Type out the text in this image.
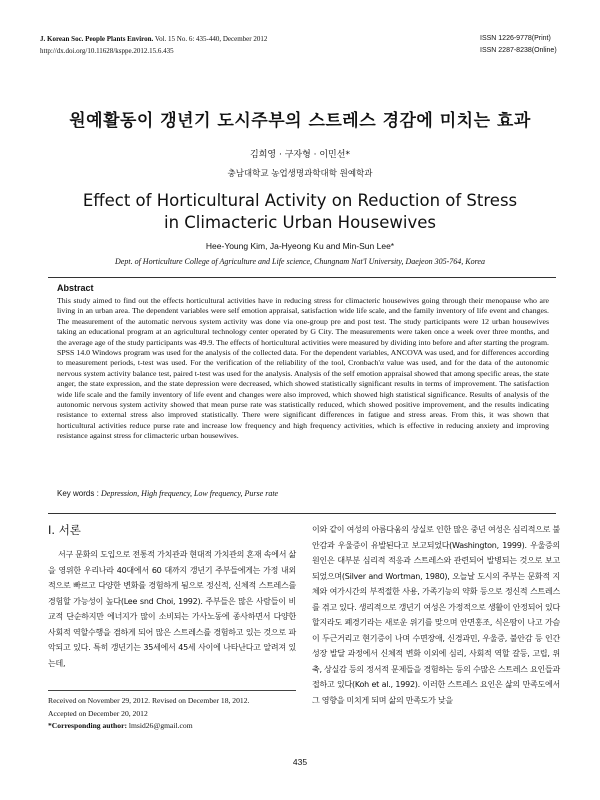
J. Korean Soc. People Plants Environ. Vol. 15 No. 6: 435-440, December 2012
http://dx.doi.org/10.11628/ksppe.2012.15.6.435
ISSN 1226-9778(Print)
ISSN 2287-8238(Online)
원예활동이 갱년기 도시주부의 스트레스 경감에 미치는 효과
김희영 · 구자형 · 이민선*
충남대학교 농업생명과학대학 원예학과
Effect of Horticultural Activity on Reduction of Stress
in Climacteric Urban Housewives
Hee-Young Kim, Ja-Hyeong Ku and Min-Sun Lee*
Dept. of Horticulture College of Agriculture and Life science, Chungnam Nat'l University, Daejeon 305-764, Korea
Abstract
This study aimed to find out the effects horticultural activities have in reducing stress for climacteric housewives going through their menopause who are living in an urban area. The dependent variables were self emotion appraisal, satisfaction wide life scale, and the family inventory of life event and changes. The measurement of the automatic nervous system activity was done via one-group pre and post test. The study participants were 12 urban housewives taking an educational program at an agricultural technology center operated by G City. The measurements were taken once a week over three months, and the average age of the study participants was 49.9. The effects of horticultural activities were measured by dividing into before and after starting the program. SPSS 14.0 Windows program was used for the analysis of the collected data. For the dependent variables, ANCOVA was used, and for differences according to measurement periods, t-test was used. For the verification of the reliability of the tool, Cronbach'α value was used, and for the data of the autonomic nervous system activity balance test, paired t-test was used for the analysis. Analysis of the self emotion appraisal showed that among specific areas, the state anger, the state expression, and the state depression were decreased, which showed statistically significant results in terms of improvement. The satisfaction wide life scale and the family inventory of life event and changes were also improved, which showed high statistical significance. Results of analysis of the autonomic nervous system activity showed that mean purse rate was statistically reduced, which showed positive improvement, and the results indicating resistance to external stress also improved statistically. There were significant differences in fatigue and stress areas. From this, it was shown that horticultural activities reduce purse rate and increase low frequency and high frequency activities, which is effective in reducing anxiety and improving resistance against stress for climacteric urban housewives.
Key words : Depression, High frequency, Low frequency, Purse rate
I. 서론

서구 문화의 도입으로 전통적 가치관과 현대적 가치관의 혼재 속에서 삶을 영위한 우리나라 40대에서 60 대까지 갱년기 주부들에게는 가정 내외적으로 빠르고 다양한 변화를 경험하게 됨으로 정신적, 신체적 스트레스를 경험할 가능성이 높다(Lee snd Choi, 1992). 주부들은 많은 사람들이 비교적 단순하지만 에너지가 많이 소비되는 가사노동에 종사하면서 다양한 사회적 역할수행을 겸하게 되어 많은 스트레스를 경험하고 있는 것으로 파악되고 있다. 특히 갱년기는 35세에서 45세 사이에 나타난다고 알려져 있는데,

이와 같이 여성의 아름다움의 상실로 인한 많은 중년 여성은 심리적으로 불안감과 우울증이 유발된다고 보고되었다(Washington, 1999). 우울증의 원인은 대부분 심리적 적응과 스트레스와 관련되어 발병되는 것으로 보고되었으며(Silver and Wortman, 1980), 오늘날 도시의 주부는 문화적 지체와 여가시간의 부적절한 사용, 가족기능의 약화 등으로 정신적 스트레스를 겪고 있다. 생리적으로 갱년기 여성은 가정적으로 생활이 안정되어 있다 할지라도 폐경기라는 새로운 위기를 맞으며 안면홍조, 식은땀이 나고 가슴이 두근거리고 현기증이 나며 수면장애, 신경과민, 우울증, 불안감 등 인간 성장 발달 과정에서 신체적 변화 이외에 심리, 사회적 역할 갈등, 고립, 위축, 상실감 등의 정서적 문제들을 경험하는 등의 수많은 스트레스 요인들과 접하고 있다(Koh et al., 1992). 이러한 스트레스 요인은 삶의 만족도에서 그 영향을 미치게 되며 삶의 만족도가 낮을

Received on November 29, 2012. Revised on December 18, 2012.
Accepted on December 20, 2012
*Corresponding author: lmsid26@gmail.com
435
